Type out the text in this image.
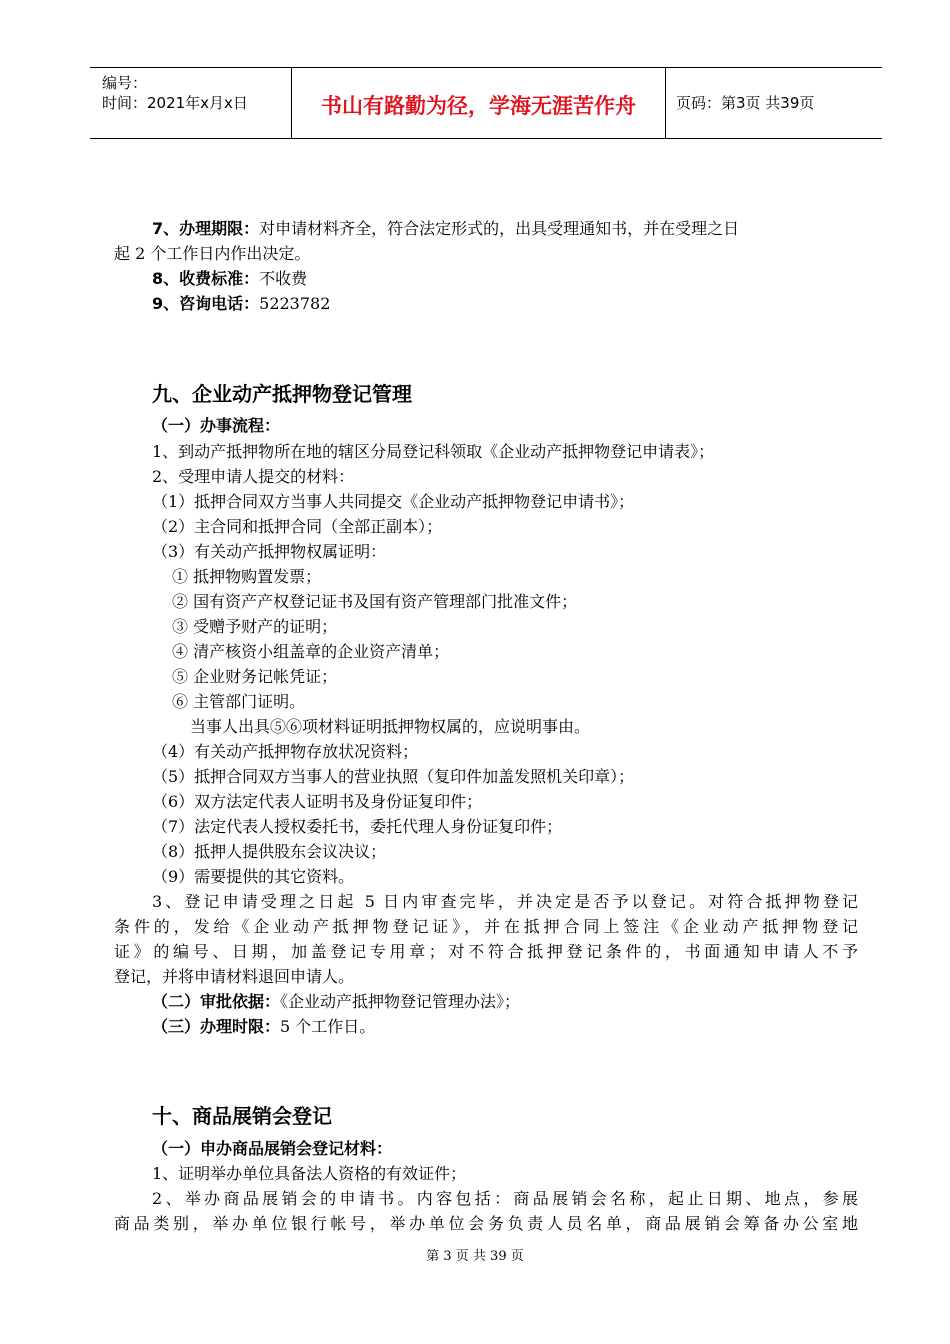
编号：
时间：2021年x月x日	书山有路勤为径，学海无涯苦作舟	页码：第3页 共39页
7、办理期限：对申请材料齐全，符合法定形式的，出具受理通知书，并在受理之日
起 2 个工作日内作出决定。
8、收费标准：不收费
9、咨询电话：5223782
九、企业动产抵押物登记管理
（一）办事流程：
1、到动产抵押物所在地的辖区分局登记科领取《企业动产抵押物登记申请表》；
2、受理申请人提交的材料：
（1）抵押合同双方当事人共同提交《企业动产抵押物登记申请书》；
（2）主合同和抵押合同（全部正副本）；
（3）有关动产抵押物权属证明：
① 抵押物购置发票；
② 国有资产产权登记证书及国有资产管理部门批准文件；
③ 受赠予财产的证明；
④ 清产核资小组盖章的企业资产清单；
⑤ 企业财务记帐凭证；
⑥ 主管部门证明。
当事人出具⑤⑥项材料证明抵押物权属的，应说明事由。
（4）有关动产抵押物存放状况资料；
（5）抵押合同双方当事人的营业执照（复印件加盖发照机关印章）；
（6）双方法定代表人证明书及身份证复印件；
（7）法定代表人授权委托书，委托代理人身份证复印件；
（8）抵押人提供股东会议决议；
（9）需要提供的其它资料。
3、登记申请受理之日起 5 日内审查完毕，并决定是否予以登记。对符合抵押物登记
条件的，发给《企业动产抵押物登记证》，并在抵押合同上签注《企业动产抵押物登记
证》的编号、日期，加盖登记专用章；对不符合抵押登记条件的，书面通知申请人不予
登记，并将申请材料退回申请人。
（二）审批依据：《企业动产抵押物登记管理办法》；
（三）办理时限：5 个工作日。
十、商品展销会登记
（一）申办商品展销会登记材料：
1、证明举办单位具备法人资格的有效证件；
2、举办商品展销会的申请书。内容包括：商品展销会名称，起止日期、地点，参展
商品类别，举办单位银行帐号，举办单位会务负责人员名单，商品展销会筹备办公室地
第 3 页 共 39 页
